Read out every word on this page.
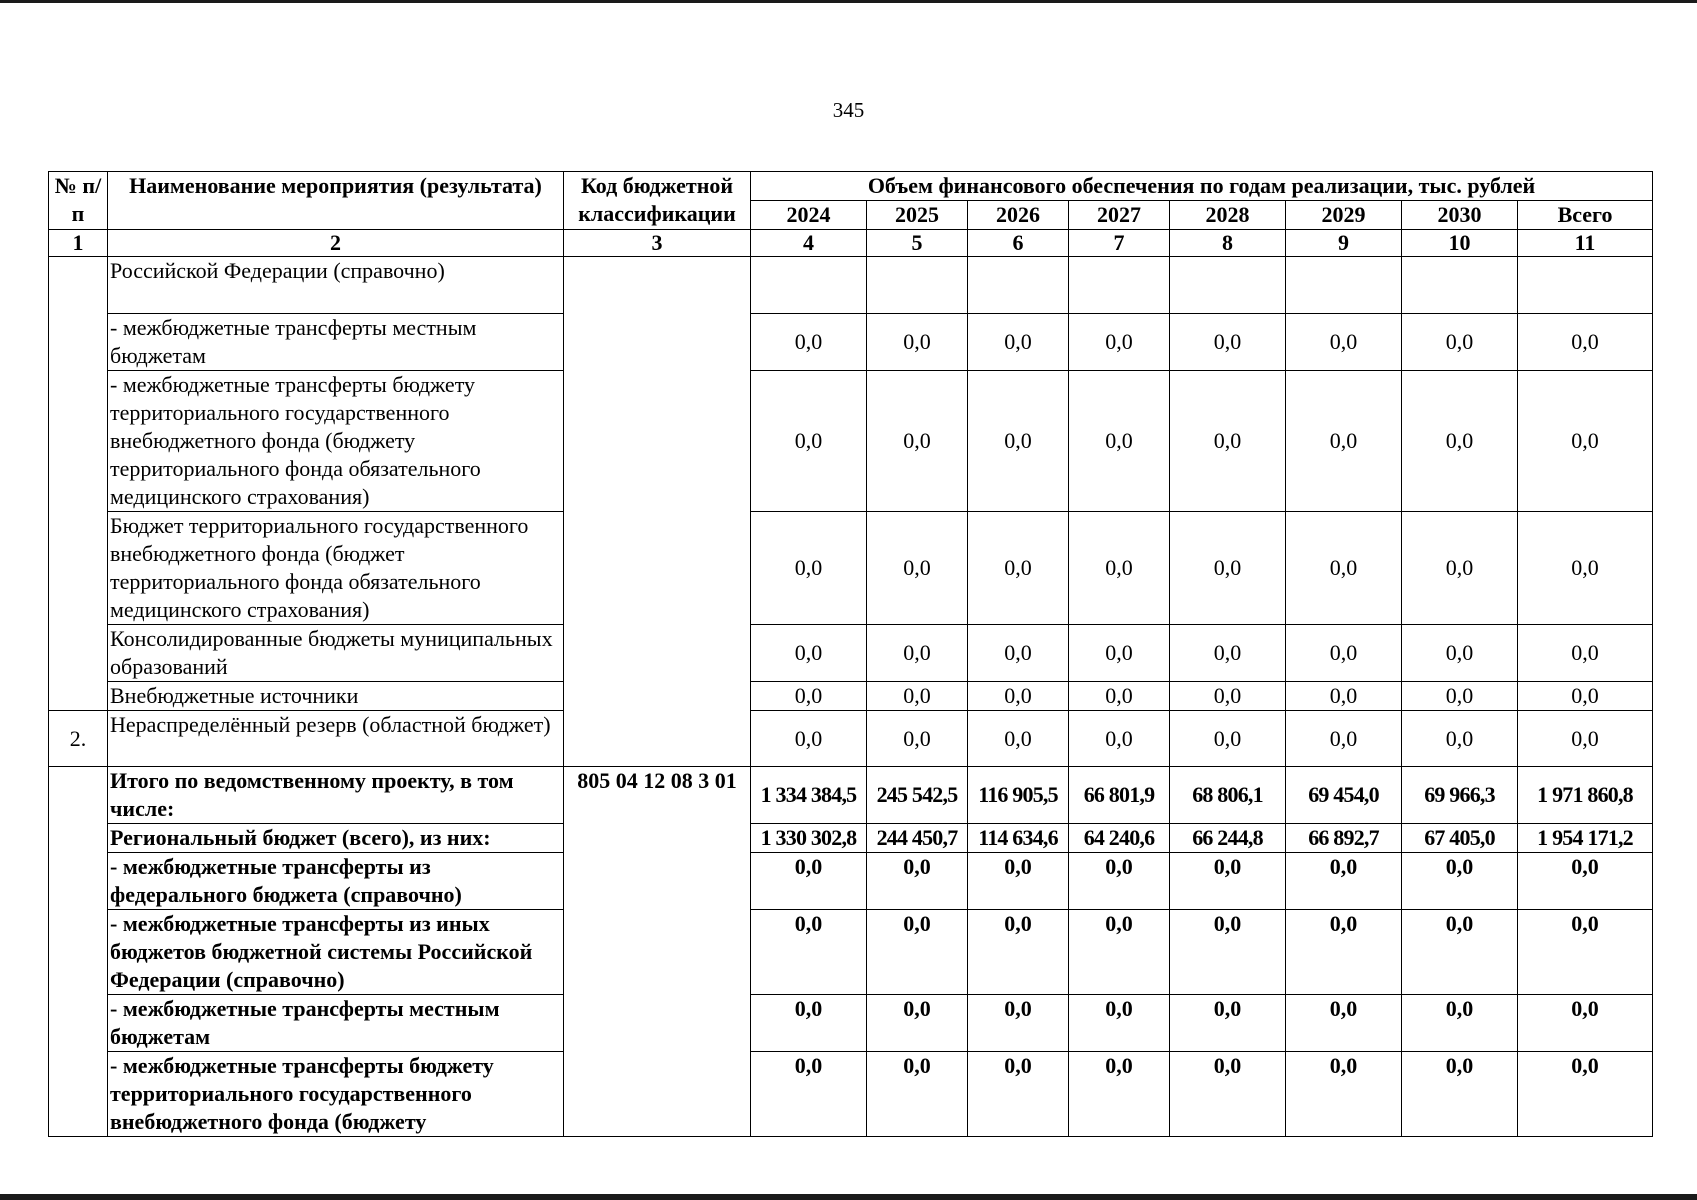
345
№ п/п	Наименование мероприятия (результата)	Код бюджетной классификации	Объем финансового обеспечения по годам реализации, тыс. рублей							
			2024	2025	2026	2027	2028	2029	2030	Всего
1	2	3	4	5	6	7	8	9	10	11
	Российской Федерации (справочно)									
	- межбюджетные трансферты местным бюджетам		0,0	0,0	0,0	0,0	0,0	0,0	0,0	0,0
	- межбюджетные трансферты бюджету территориального государственного внебюджетного фонда (бюджету территориального фонда обязательного медицинского страхования)		0,0	0,0	0,0	0,0	0,0	0,0	0,0	0,0
	Бюджет территориального государственного внебюджетного фонда (бюджет территориального фонда обязательного медицинского страхования)		0,0	0,0	0,0	0,0	0,0	0,0	0,0	0,0
	Консолидированные бюджеты муниципальных образований		0,0	0,0	0,0	0,0	0,0	0,0	0,0	0,0
	Внебюджетные источники		0,0	0,0	0,0	0,0	0,0	0,0	0,0	0,0
2.	Нераспределённый резерв (областной бюджет)		0,0	0,0	0,0	0,0	0,0	0,0	0,0	0,0
	Итого по ведомственному проекту, в том числе:	805 04 12 08 3 01	1 334 384,5	245 542,5	116 905,5	66 801,9	68 806,1	69 454,0	69 966,3	1 971 860,8
	Региональный бюджет (всего), из них:		1 330 302,8	244 450,7	114 634,6	64 240,6	66 244,8	66 892,7	67 405,0	1 954 171,2
	- межбюджетные трансферты из федерального бюджета (справочно)		0,0	0,0	0,0	0,0	0,0	0,0	0,0	0,0
	- межбюджетные трансферты из иных бюджетов бюджетной системы Российской Федерации (справочно)		0,0	0,0	0,0	0,0	0,0	0,0	0,0	0,0
	- межбюджетные трансферты местным бюджетам		0,0	0,0	0,0	0,0	0,0	0,0	0,0	0,0
	- межбюджетные трансферты бюджету территориального государственного внебюджетного фонда (бюджету		0,0	0,0	0,0	0,0	0,0	0,0	0,0	0,0
